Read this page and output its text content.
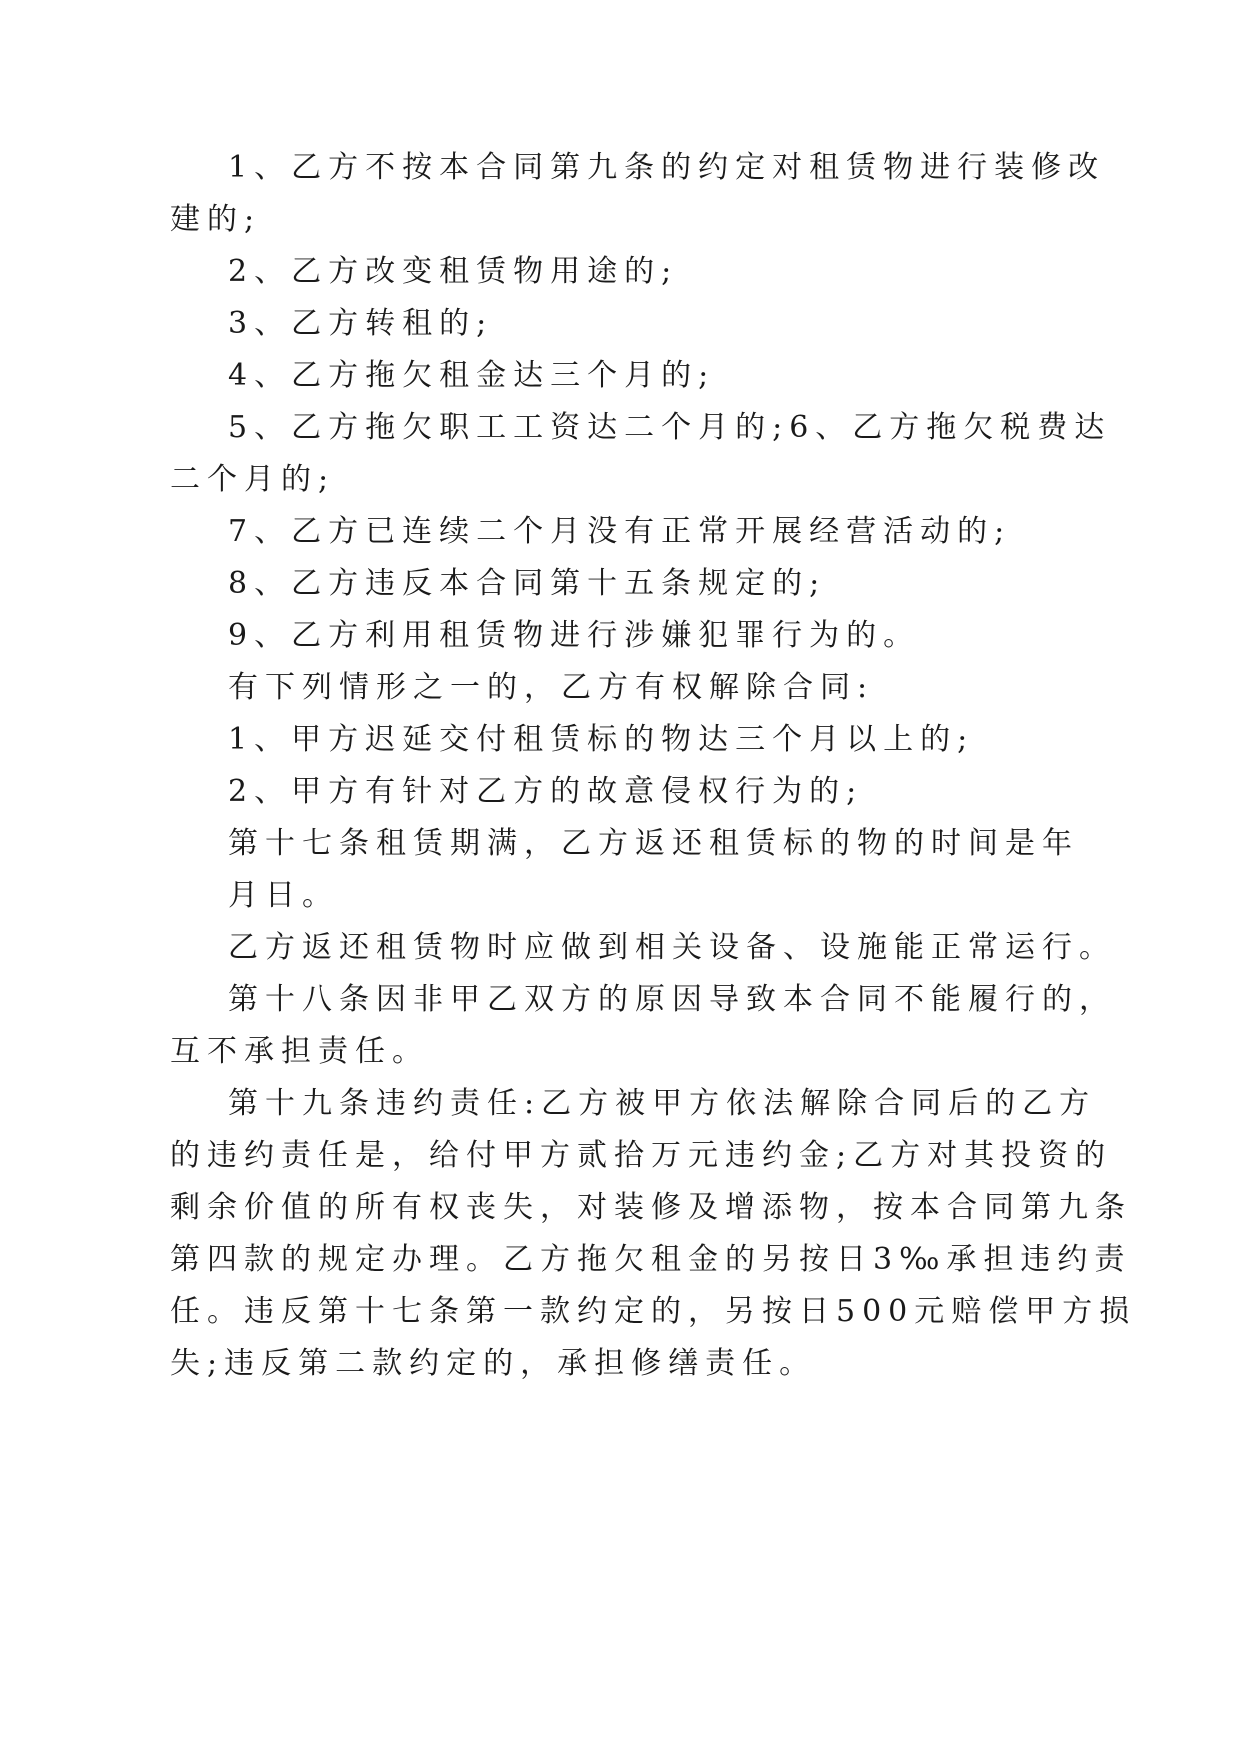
1、乙方不按本合同第九条的约定对租赁物进行装修改
建的;
2、乙方改变租赁物用途的;
3、乙方转租的;
4、乙方拖欠租金达三个月的;
5、乙方拖欠职工工资达二个月的;6、乙方拖欠税费达
二个月的;
7、乙方已连续二个月没有正常开展经营活动的;
8、乙方违反本合同第十五条规定的;
9、乙方利用租赁物进行涉嫌犯罪行为的。
有下列情形之一的，乙方有权解除合同:
1、甲方迟延交付租赁标的物达三个月以上的;
2、甲方有针对乙方的故意侵权行为的;
第十七条租赁期满，乙方返还租赁标的物的时间是年
月日。
乙方返还租赁物时应做到相关设备、设施能正常运行。
第十八条因非甲乙双方的原因导致本合同不能履行的，
互不承担责任。
第十九条违约责任:乙方被甲方依法解除合同后的乙方
的违约责任是，给付甲方贰拾万元违约金;乙方对其投资的
剩余价值的所有权丧失，对装修及增添物，按本合同第九条
第四款的规定办理。乙方拖欠租金的另按日3‰承担违约责
任。违反第十七条第一款约定的，另按日500元赔偿甲方损
失;违反第二款约定的，承担修缮责任。
